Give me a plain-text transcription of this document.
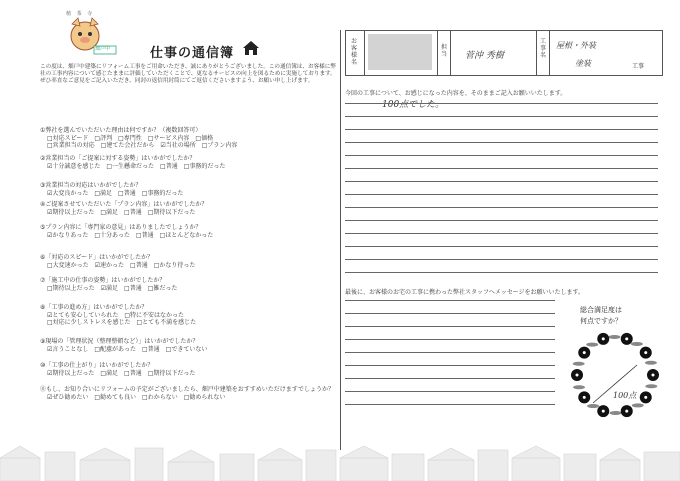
植 茶 寺
畑戸中	仕事の通信簿
この度は、畑戸中建築にリフォーム工事をご用命いただき、誠にありがとうございました。この通信簿は、お客様に弊社の工事内容について感じたままに評価していただくことで、更なるサービスの向上を図るために実施しております。ぜひ率直なご意見をご記入いただき、同封の返信用封筒にてご返信くださいますよう、お願い申し上げます。
①弊社を選んでいただいた理由は何ですか？（複数回答可）
□対応スピード　□評判　□専門性　□サービス内容　□価格
□営業担当の対応　□建てた会社だから　☑当社の場所　□プラン内容
②営業担当の「ご提案に対する姿勢」はいかがでしたか？
☑十分誠意を感じた　□一生懸命だった　□普通　□事務的だった
③営業担当の対応はいかがでしたか？
☑大変良かった　□満足　□普通　□事務的だった
④ご提案させていただいた「プラン内容」はいかがでしたか？
☑期待以上だった　□満足　□普通　□期待以下だった
⑤プラン内容に「専門家の意見」はありましたでしょうか？
☑かなりあった　□十分あった　□普通　□ほとんどなかった
⑥「対応のスピード」はいかがでしたか？
□大変速かった　☑速かった　□普通　□かなり待った
⑦「施工中の仕事の姿勢」はいかがでしたか？
□期待以上だった　☑満足　□普通　□雑だった
⑧「工事の進め方」はいかがでしたか？
☑とても安心していられた　□特に不安はなかった
□対応に少しストレスを感じた　□とても不満を感じた
⑨現場の「管理状況（整理整頓など）」はいかがでしたか？
☑言うことなし　□配慮があった　□普通　□できていない
⑩「工事の仕上がり」はいかがでしたか？
☑期待以上だった　□満足　□普通　□期待以下だった
⑪もし、お知り合いにリフォームの予定がございましたら、畑戸中建築をおすすめいただけますでしょうか？
☑ぜひ勧めたい　□勧めても良い　□わからない　□勧められない
お客様名
担当 菅沖 秀樹
工事名
屋根・外装
塗装	工事
今回の工事について、お感じになった内容を、そのままご記入お願いいたします。
100点でした。
最後に、お客様のお宅の工事に携わった弊社スタッフへメッセージをお願いいたします。
総合満足度は
何点ですか？
100点
